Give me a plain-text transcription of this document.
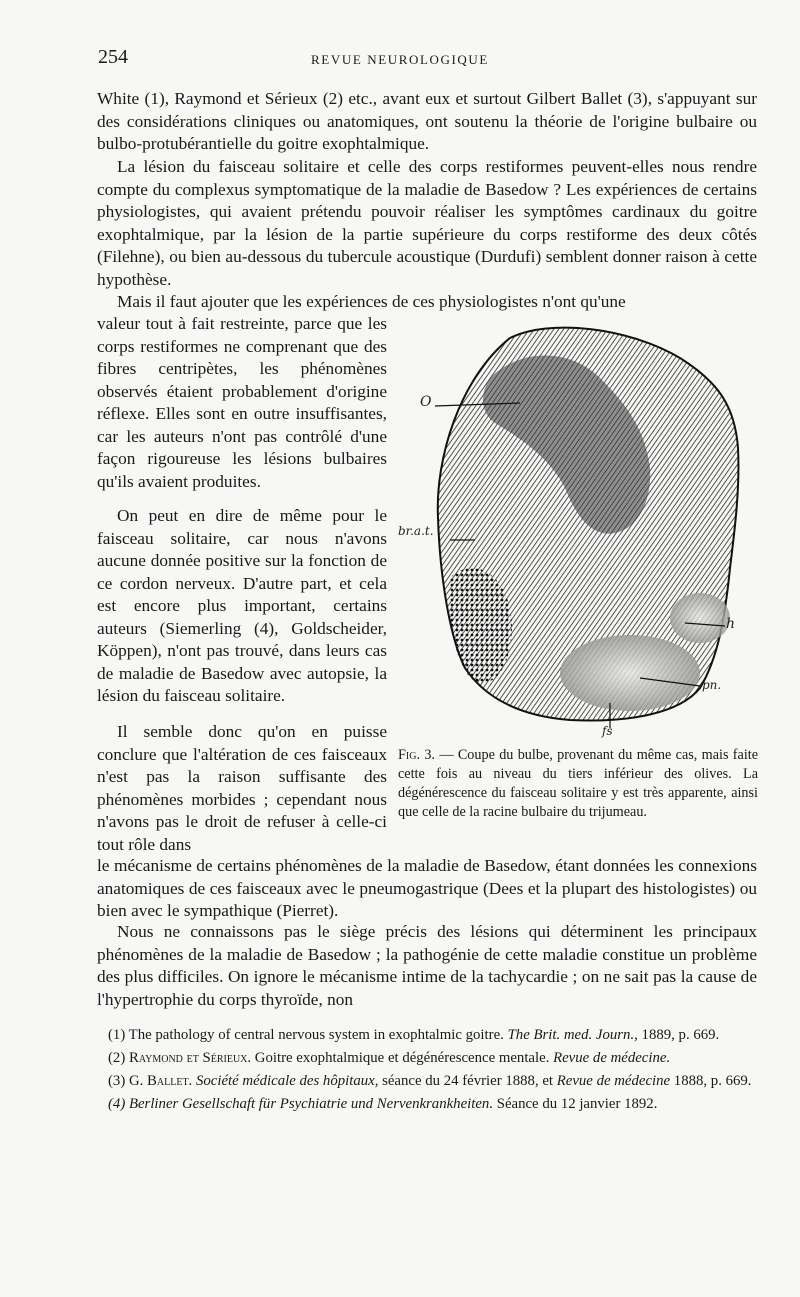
254	REVUE NEUROLOGIQUE

White (1), Raymond et Sérieux (2) etc., avant eux et surtout Gilbert Ballet (3), s'appuyant sur des considérations cliniques ou anatomiques, ont soutenu la théorie de l'origine bulbaire ou bulbo-protubérantielle du goitre exophtalmique.

La lésion du faisceau solitaire et celle des corps restiformes peuvent-elles nous rendre compte du complexus symptomatique de la maladie de Basedow ? Les expériences de certains physiologistes, qui avaient prétendu pouvoir réaliser les symptômes cardinaux du goitre exophtalmique, par la lésion de la partie supérieure du corps restiforme des deux côtés (Filehne), ou bien au-dessous du tubercule acoustique (Durdufi) semblent donner raison à cette hypothèse.

Mais il faut ajouter que les expériences de ces physiologistes n'ont qu'une

valeur tout à fait restreinte, parce que les corps restiformes ne comprenant que des fibres centripètes, les phénomènes observés étaient probablement d'origine réflexe. Elles sont en outre insuffisantes, car les auteurs n'ont pas contrôlé d'une façon rigoureuse les lésions bulbaires qu'ils avaient produites.

On peut en dire de même pour le faisceau solitaire, car nous n'avons aucune donnée positive sur la fonction de ce cordon nerveux. D'autre part, et cela est encore plus important, certains auteurs (Siemerling (4), Goldscheider, Köppen), n'ont pas trouvé, dans leurs cas de maladie de Basedow avec autopsie, la lésion du faisceau solitaire.

Il semble donc qu'on en puisse conclure que l'altération de ces faisceaux n'est pas la raison suffisante des phénomènes morbides ; cependant nous n'avons pas le droit de refuser à celle-ci tout rôle dans

le mécanisme de certains phénomènes de la maladie de Basedow, étant données les connexions anatomiques de ces faisceaux avec le pneumogastrique (Dees et la plupart des histologistes) ou bien avec le sympathique (Pierret).

Nous ne connaissons pas le siège précis des lésions qui déterminent les principaux phénomènes de la maladie de Basedow ; la pathogénie de cette maladie constitue un problème des plus difficiles. On ignore le mécanisme intime de la tachycardie ; on ne sait pas la cause de l'hypertrophie du corps thyroïde, non

O
br.a.t.
h
pn.
fs
Fig. 3. — Coupe du bulbe, provenant du même cas, mais faite cette fois au niveau du tiers inférieur des olives. La dégénérescence du faisceau solitaire y est très apparente, ainsi que celle de la racine bulbaire du trijumeau.

(1) The pathology of central nervous system in exophtalmic goitre. The Brit. med. Journ., 1889, p. 669.

(2) Raymond et Sérieux. Goitre exophtalmique et dégénérescence mentale. Revue de médecine.

(3) G. Ballet. Société médicale des hôpitaux, séance du 24 février 1888, et Revue de médecine 1888, p. 669.

(4) Berliner Gesellschaft für Psychiatrie und Nervenkrankheiten. Séance du 12 janvier 1892.
